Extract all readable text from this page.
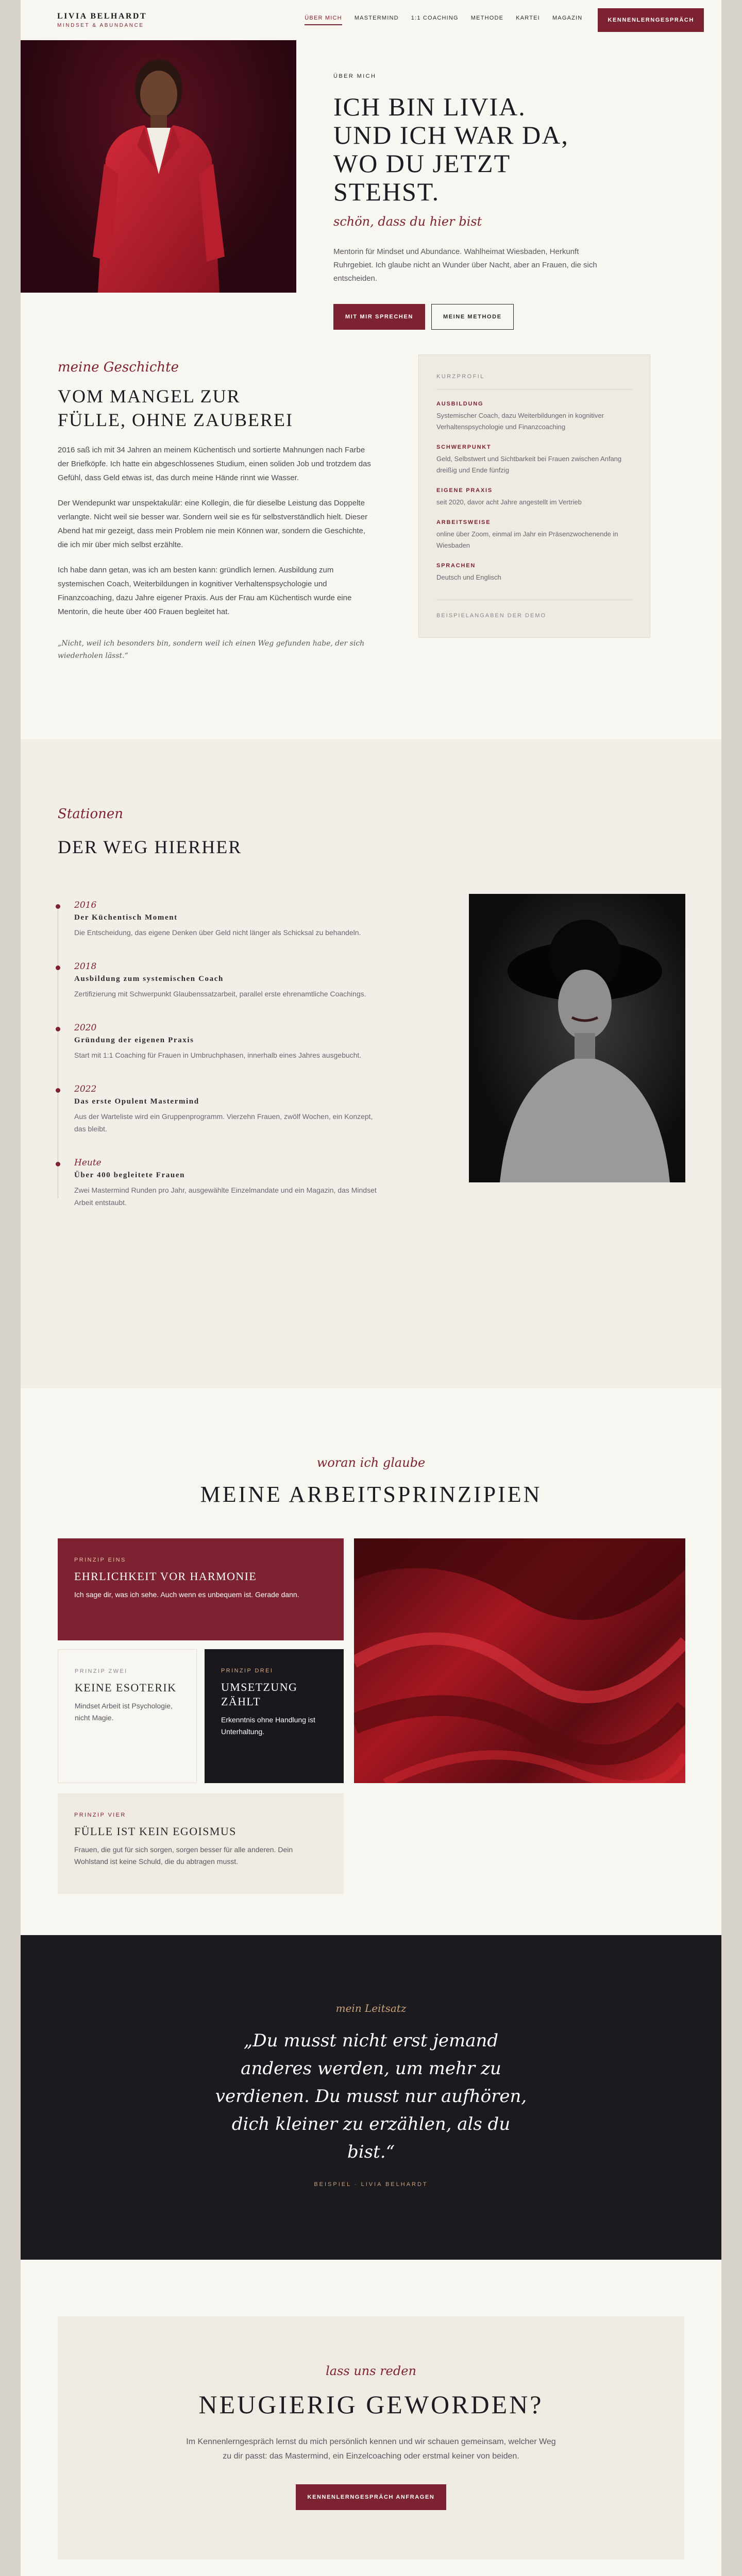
LIVIA BELHARDT
MINDSET & ABUNDANCE
ÜBER MICH MASTERMIND 1:1 COACHING METHODE KARTEI MAGAZIN	KENNENLERNGESPRÄCH
ÜBER MICH
ICH BIN LIVIA.
UND ICH WAR DA,
WO DU JETZT STEHST.
schön, dass du hier bist

Mentorin für Mindset und Abundance. Wahlheimat Wiesbaden, Herkunft Ruhrgebiet. Ich glaube nicht an Wunder über Nacht, aber an Frauen, die sich entscheiden.

MIT MIR SPRECHEN	MEINE METHODE
meine Geschichte
VOM MANGEL ZUR
FÜLLE, OHNE ZAUBEREI

2016 saß ich mit 34 Jahren an meinem Küchentisch und sortierte Mahnungen nach Farbe der Briefköpfe. Ich hatte ein abgeschlossenes Studium, einen soliden Job und trotzdem das Gefühl, dass Geld etwas ist, das durch meine Hände rinnt wie Wasser.

Der Wendepunkt war unspektakulär: eine Kollegin, die für dieselbe Leistung das Doppelte verlangte. Nicht weil sie besser war. Sondern weil sie es für selbstverständlich hielt. Dieser Abend hat mir gezeigt, dass mein Problem nie mein Können war, sondern die Geschichte, die ich mir über mich selbst erzählte.

Ich habe dann getan, was ich am besten kann: gründlich lernen. Ausbildung zum systemischen Coach, Weiterbildungen in kognitiver Verhaltenspsychologie und Finanzcoaching, dazu Jahre eigener Praxis. Aus der Frau am Küchentisch wurde eine Mentorin, die heute über 400 Frauen begleitet hat.

„Nicht, weil ich besonders bin, sondern weil ich einen Weg gefunden habe, der sich wiederholen lässt.“

KURZPROFIL
AUSBILDUNG
Systemischer Coach, dazu Weiterbildungen in kognitiver Verhaltenspsychologie und Finanzcoaching
SCHWERPUNKT
Geld, Selbstwert und Sichtbarkeit bei Frauen zwischen Anfang dreißig und Ende fünfzig
EIGENE PRAXIS
seit 2020, davor acht Jahre angestellt im Vertrieb
ARBEITSWEISE
online über Zoom, einmal im Jahr ein Präsenzwochenende in Wiesbaden
SPRACHEN
Deutsch und Englisch
BEISPIELANGABEN DER DEMO
Stationen
DER WEG HIERHER
2016
Der Küchentisch Moment
Die Entscheidung, das eigene Denken über Geld nicht länger als Schicksal zu behandeln.
2018
Ausbildung zum systemischen Coach
Zertifizierung mit Schwerpunkt Glaubenssatzarbeit, parallel erste ehrenamtliche Coachings.
2020
Gründung der eigenen Praxis
Start mit 1:1 Coaching für Frauen in Umbruchphasen, innerhalb eines Jahres ausgebucht.
2022
Das erste Opulent Mastermind
Aus der Warteliste wird ein Gruppenprogramm. Vierzehn Frauen, zwölf Wochen, ein Konzept, das bleibt.
Heute
Über 400 begleitete Frauen
Zwei Mastermind Runden pro Jahr, ausgewählte Einzelmandate und ein Magazin, das Mindset Arbeit entstaubt.
woran ich glaube
MEINE ARBEITSPRINZIPIEN
PRINZIP EINS
EHRLICHKEIT VOR HARMONIE
Ich sage dir, was ich sehe. Auch wenn es unbequem ist. Gerade dann.
PRINZIP ZWEI
KEINE ESOTERIK
Mindset Arbeit ist Psychologie, nicht Magie.
PRINZIP DREI
UMSETZUNG ZÄHLT
Erkenntnis ohne Handlung ist Unterhaltung.
PRINZIP VIER
FÜLLE IST KEIN EGOISMUS
Frauen, die gut für sich sorgen, sorgen besser für alle anderen. Dein Wohlstand ist keine Schuld, die du abtragen musst.
mein Leitsatz
„Du musst nicht erst jemand anderes werden, um mehr zu verdienen. Du musst nur aufhören, dich kleiner zu erzählen, als du bist.“
BEISPIEL · LIVIA BELHARDT
lass uns reden
NEUGIERIG GEWORDEN?

Im Kennenlerngespräch lernst du mich persönlich kennen und wir schauen gemeinsam, welcher Weg zu dir passt: das Mastermind, ein Einzelcoaching oder erstmal keiner von beiden.

KENNENLERNGESPRÄCH ANFRAGEN
